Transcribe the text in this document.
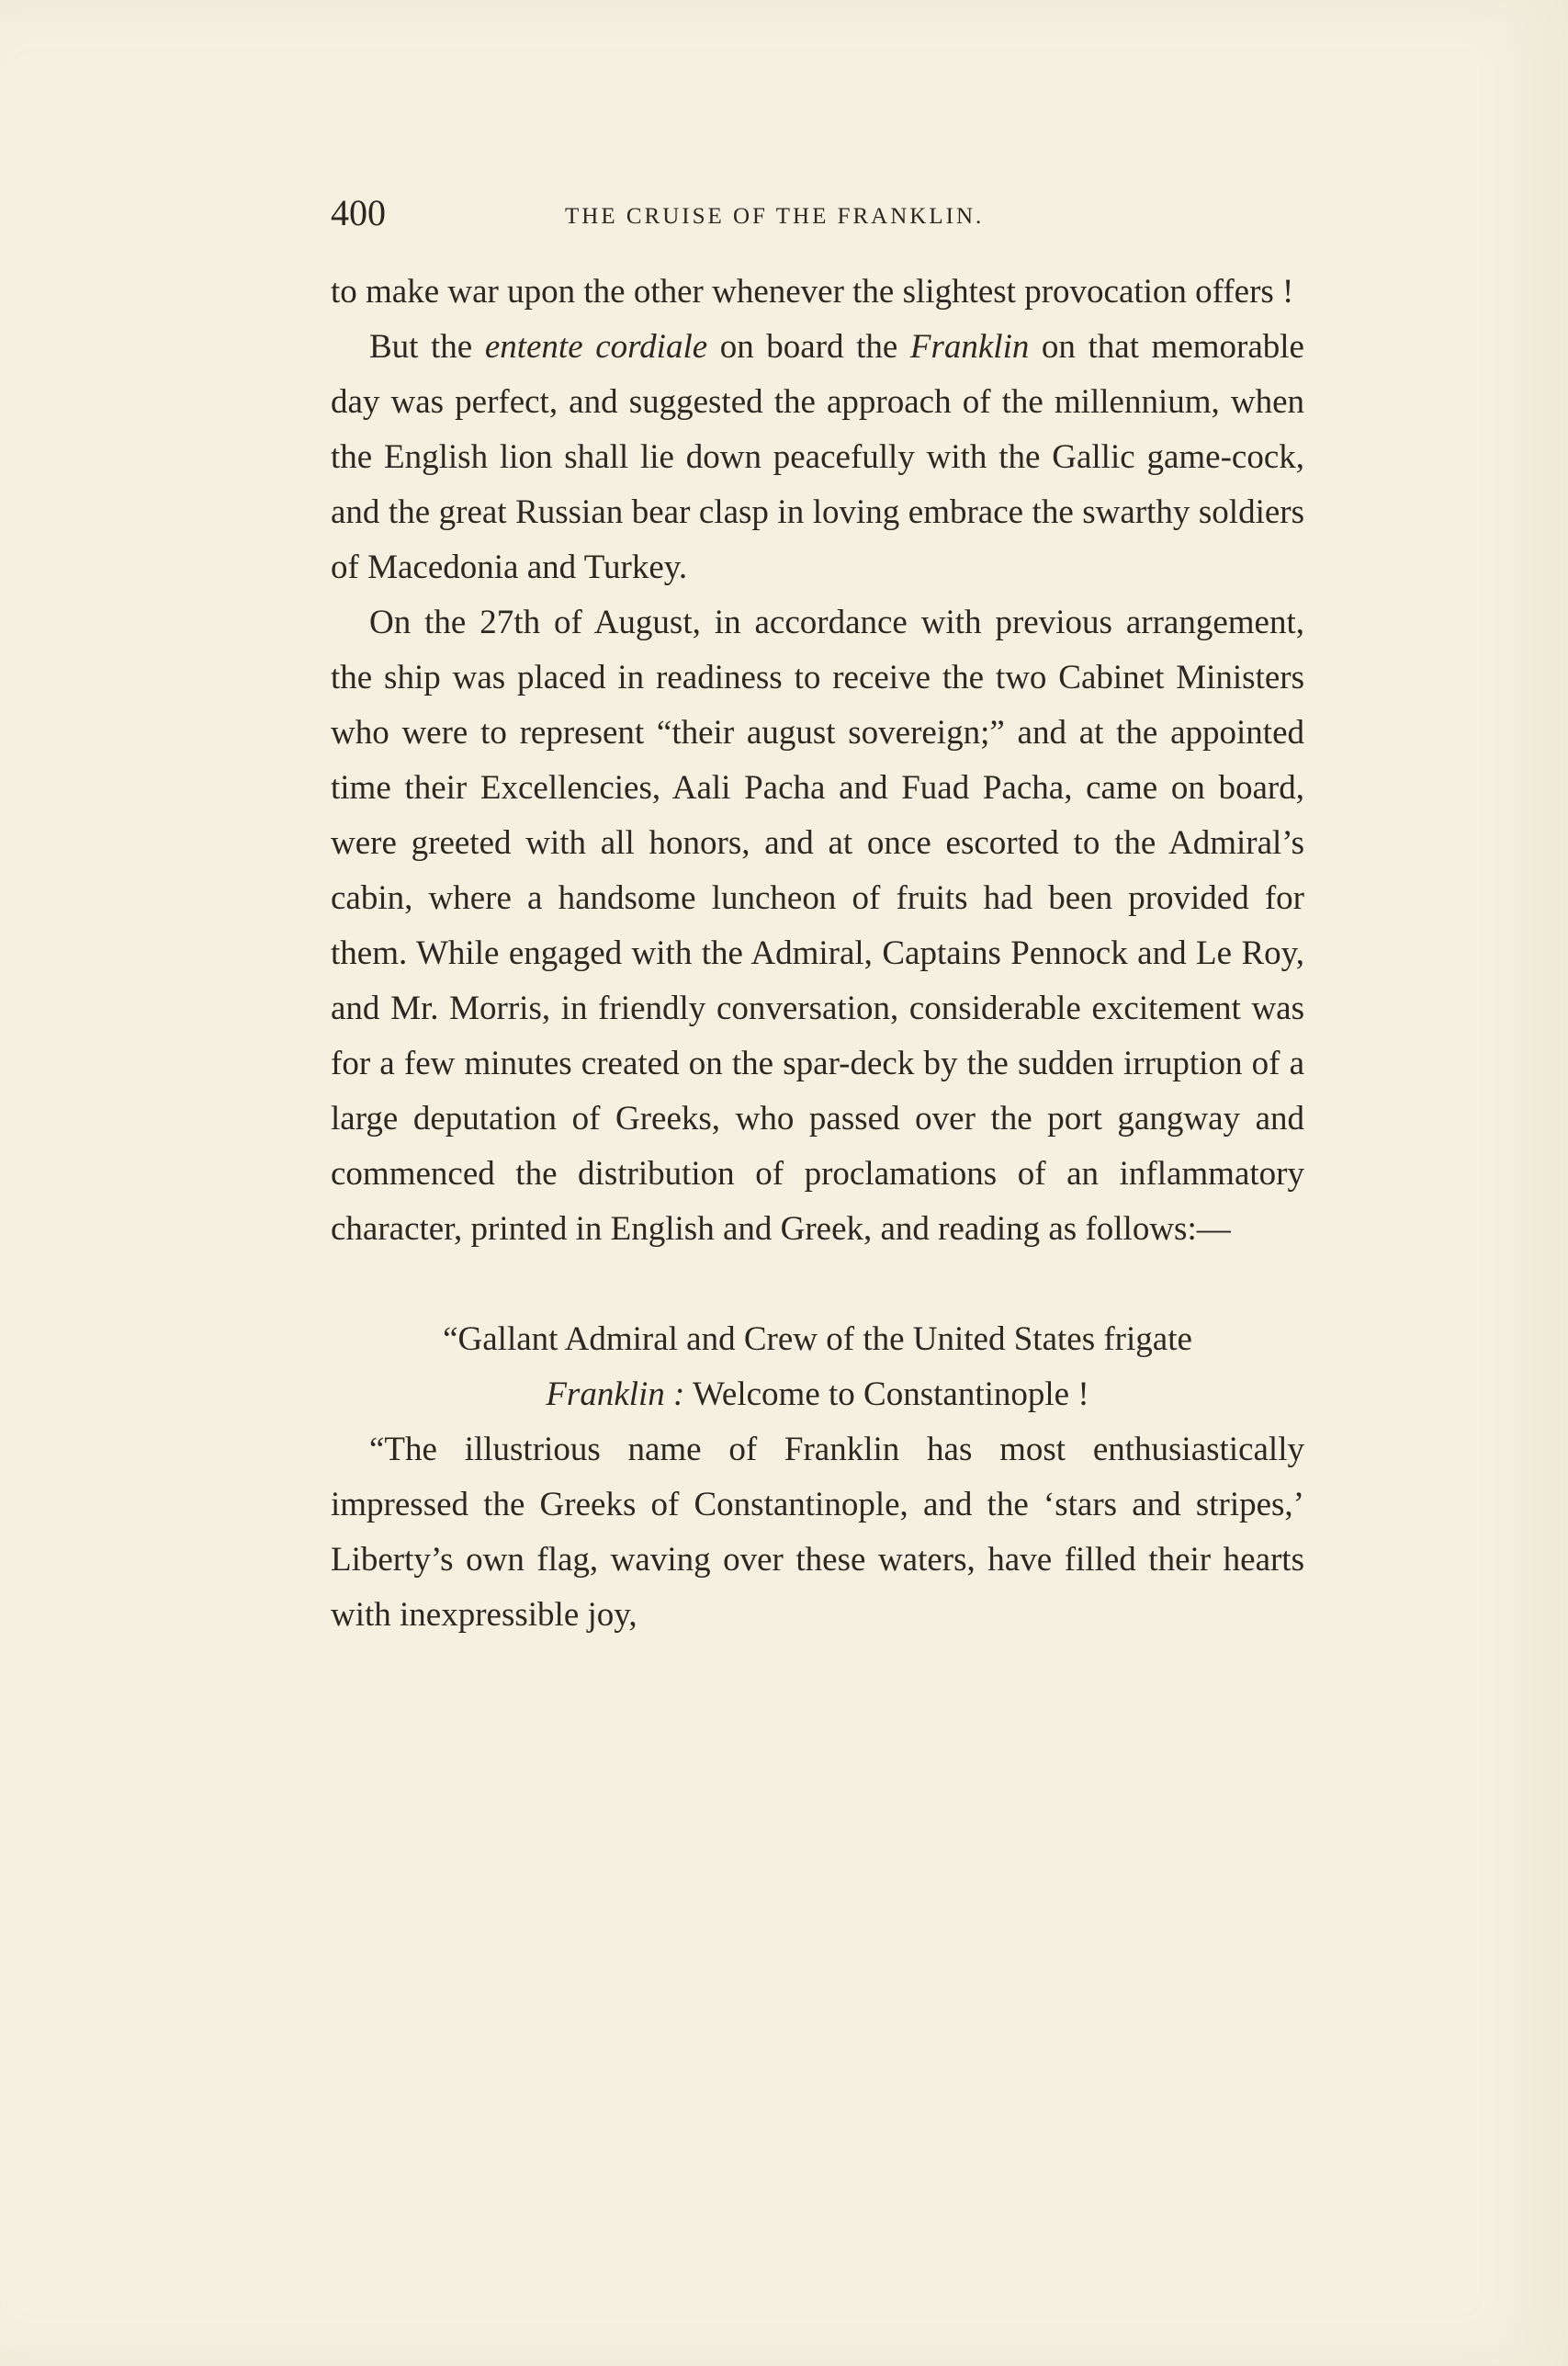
400	THE CRUISE OF THE FRANKLIN.

to make war upon the other whenever the slightest provocation offers !

But the entente cordiale on board the Franklin on that memorable day was perfect, and suggested the approach of the millennium, when the English lion shall lie down peacefully with the Gallic game-cock, and the great Russian bear clasp in loving embrace the swarthy soldiers of Macedonia and Turkey.

On the 27th of August, in accordance with previous arrangement, the ship was placed in readiness to receive the two Cabinet Ministers who were to represent “their august sovereign;” and at the appointed time their Excellencies, Aali Pacha and Fuad Pacha, came on board, were greeted with all honors, and at once escorted to the Admiral’s cabin, where a handsome luncheon of fruits had been provided for them. While engaged with the Admiral, Captains Pennock and Le Roy, and Mr. Morris, in friendly conversation, considerable excitement was for a few minutes created on the spar-deck by the sudden irruption of a large deputation of Greeks, who passed over the port gangway and commenced the distribution of proclamations of an inflammatory character, printed in English and Greek, and reading as follows:—

“Gallant Admiral and Crew of the United States frigate
Franklin : Welcome to Constantinople !

“The illustrious name of Franklin has most enthusiastically impressed the Greeks of Constantinople, and the ‘stars and stripes,’ Liberty’s own flag, waving over these waters, have filled their hearts with inexpressible joy,
